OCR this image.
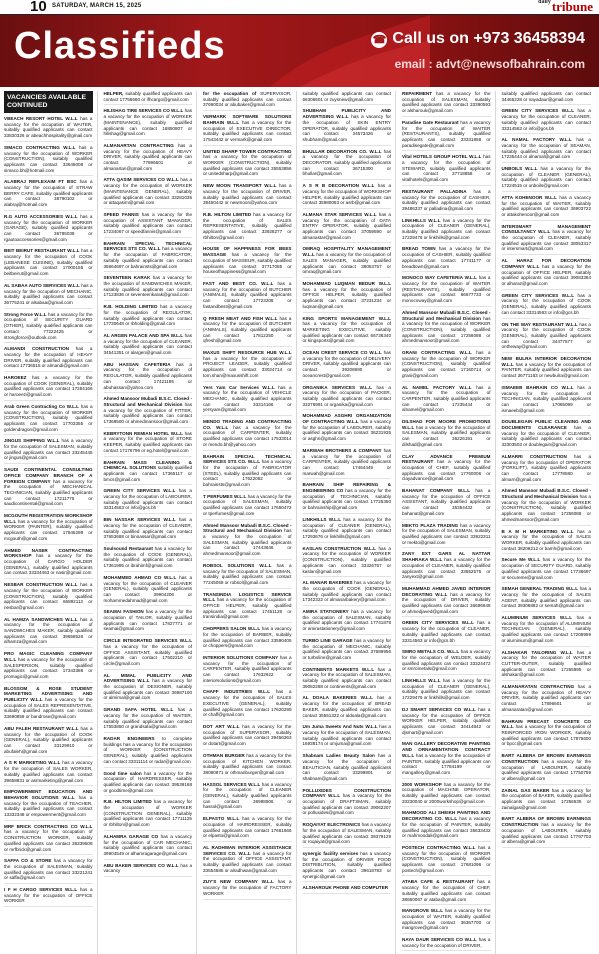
10 SATURDAY, MARCH 15, 2025
$^{daily}$tribune
Classifieds	☎ Call us on +973 36458394
email : advt@newsofbahrain.com
VACANCIES AVAILABLE CONTINUED

VBEACH RESORT HOTEL W.L.L has a vacancy for the occupation of WAITER, suitably qualified applicants can contact 33830326 or abeachhospitality@gmail.com

SIMACO CONTRACTING W.L.L has a vacancy for the occupation of WORKER (CONSTRUCTION), suitably qualified applicants can contact 33645008 or simaco.bh@hotmail.com

ALABRAJ REFLEXAIM FT BSC has a vacancy for the occupation of STRAW BERRY CAFE, suitably qualified applicants can contact 38790102 or alabraj@hotmail.com

R.G AUTO ACCESSORIES W.L.L has a vacancy for the occupation of WORKER (GARAGE), suitably qualified applicants can contact 36785039 or rgautoaccessories@gmail.com

BEIT BEIRUT RESTAURANT W.L.L has a vacancy for the occupation of COOK (LEBANESE CUISINE), suitably qualified applicants can contact 17000155 or beitbeirut@gmail.com

AL SABAA AUTO SERVICES W.L.L has a vacancy for the occupation of MECHANIC, suitably qualified applicants can contact 36775241 or alsabaa@gmail.com

Strong Force W.L.L has a vacancy for the occupation of SECURITY GUARD (OTHER), suitably qualified applicants can contact 77222425 or strongforce@outlook.com

ALMANDI CONSTRUCTION has a vacancy for the occupation of HEAVY DRIVER, suitably qualified applicants can contact 17736515 or almandi@gmail.com

HAROEEZ has a vacancy for the occupation of COOK (GENERAL), suitably qualified applicants can contact 17254166 or haroeez@gmail.com

Arab Green Contracting Co W.L.L has a vacancy for the occupation of WORKER (CONSTRUCTION), suitably qualified applicants can contact 17703355 or goldendragon@gmail.com

JINGUS SHIPPING W.L.L has a vacancy for the occupation of SALESMAN, suitably qualified applicants can contact 33245445 or jingus@gmail.com

SAUDI CONTINENTAL CONSULTING OFFICE COMPANY BRANCH OF A FOREIGN COMPANY has a vacancy for the occupation of MECHANICAL TECHNICIAN, suitably qualified applicants can contact 17211775 or saudicontinental@gmail.com

MCGOUTH REGISTRATION WORKSHOP W.L.L has a vacancy for the occupation of WORKER (PAINTER), suitably qualified applicants can contact 17845299 or mcgouth@gmail.com

AHMED NASER CONTRACTING WORKSHOP has a vacancy for the occupation of CARGO HOLDER (GENERAL), suitably qualified applicants can contact 33334463 or nasir@gmail.com

NESBAR CONSTRUCTION W.L.L has a vacancy for the occupation of WORKER (CONSTRUCTION), suitably qualified applicants can contact 66892112 or nesbar@gmail.com

AL HAMZA SANDWICHES W.L.L has a vacancy for the occupation of SANDWICHES MAKER, suitably qualified applicants can contact 39658526 or alhamza@gmail.com

PRO MAGIC CLEANING COMPANY W.L.L has a vacancy for the occupation of SALESPERSON, suitably qualified applicants can contact 17343388 or promagic@gmail.com

BLOSSOM & ROSE STUDENT MARKETING ADVERTISING AND PUBLICITY W.L.L has a vacancy for the occupation of SALES REPRESENTATIVE, suitably qualified applicants can contact 33690858 or bandrose@gmail.com

ABU FALEH RESTAURANT W.L.L has a vacancy for the occupation of COOK (GENERAL), suitably qualified applicants can contact 33129910 or abufaleh@gmail.com

A S R MARKETING W.L.L has a vacancy for the occupation of SALES WORKER, suitably qualified applicants can contact 39658831 or asrmarketing@gmail.com

EMPOWERMENT EDUCATION AND BEHAVIOR SOLUTIONS W.L.L has a vacancy for the occupation of TEACHER, suitably qualified applicants can contact 13332348 or empowerment@gmail.com

MRF BRICK CONTRACTING CO W.L.L has a vacancy for the occupation of CONSTRUCTION WORKER, suitably qualified applicants can contact 36339508 or mrfbrick@gmail.com

SAFFA CO & STORE has a vacancy for the occupation of SALESMAN, suitably qualified applicants can contact 33221241 or saffa@gmail.com

I F H CARGO SERVICES W.L.L has a vacancy for the occupation of OFFICE WORKER

HELPER, suitably qualified applicants can contact 17756660 or ifhcargo@gmail.com

HILISHAG TIRE SERVICES CO W.L.L has a vacancy for the occupation of WORKER (MAINTENANCE), suitably qualified applicants can contact 16850807 or hilishag@gmail.com

ALMANARTAN CONTRACTING has a vacancy for the occupation of HEAVY DRIVER, suitably qualified applicants can contact 77896601 or almanartan@gmail.com

ATTA QASIM SERVICES CO W.L.L has a vacancy for the occupation of WORKER (MAINTENANCE GENERAL), suitably qualified applicants can contact 33281035 or attaqasim@gmail.com

SPEED FANNIS has a vacancy for the occupation of ASSISTANT MANAGER, suitably qualified applicants can contact 17234067 or speedfannis@gmail.com

BAHRAIN SPECIAL TECHNICAL SERVICES STS CO. W.L.L has a vacancy for the occupation of FABRICATOR, suitably qualified applicants can contact 35664697 or bahrainsts@gmail.com

SEVENTEEN KARAK has a vacancy for the occupation of SANDWICHES MAKER, suitably qualified applicants can contact 17123836 or seventeenkarak@gmail.com

R.B. HOLDING LIMITED has a vacancy for the occupation of REGULATOR, suitably qualified applicants can contact 17730648 or rbholding@gmail.com

AL ARGEN PALACE AND SPA W.L.L has a vacancy for the occupation of CLEANER, suitably qualified applicants can contact 34541351 or alargen@gmail.com

ABU HASSAN CAFETERIA has a vacancy for the occupation of REGULATOR, suitably qualified applicants can contact 17421195 or abuhassan@yahoo.com

Ahmed Mansoor Mubadi B.S.C. Closed - Structural and Mechanical Division has a vacancy for the occupation of FITTER, suitably qualified applicants can contact 17369500 or ahmedmansoor@gmail.com

KEBRYTONN REMIAN HOTEL W.L.L has a vacancy for the occupation of STORE KEEPER, suitably qualified applicants can contact 17176796 or eg.hotel@gmail.com

BAHRAIN MASS CLEANING & CHEMICAL SOLUTIONS suitably qualified applicants can contact 17365117 or bmcs@gmail.com

GREEN CITY SERVICES W.L.L has a vacancy for the occupation of LABOURER, suitably qualified applicants can contact 33314563 or info@gcs.bh

BIN NASSAR SERVICES W.L.L has a vacancy for the occupation of CLEANER, suitably qualified applicants can contact 37653688 or binnassar@gmail.com

Soulsound Restaurant has a vacancy for the occupation of COOK (GENERAL), suitably qualified applicants can contact 17361995 or ibrahimf@gmail.com

MOHAMMED AHMAD CO W.L.L has a vacancy for the occupation of CLEANER (GENERAL), suitably qualified applicants can contact 39904206 or mohammedahmad@gmail.com

SEAMAI FASHION has a vacancy for the occupation of TAILOR, suitably qualified applicants can contact 17827771 or seamai@gmail.com

CIRCLE INTEGRATED SERVICES W.L.L has a vacancy for the occupation of OFFICE ASSISTANT, suitably qualified applicants can contact 17502210 or circle@gmail.com

AL MIMAL PUBLICITY AND ADVERTISING W.L.L has a vacancy for the occupation of DESIGNER, suitably qualified applicants can contact 36987100 or almimal@gmail.com

GRAND SAFA HOTEL W.L.L has a vacancy for the occupation of WAITER, suitably qualified applicants can contact 17553850 or grandsafa@gmail.com

RADAR ENGINEERS to complete buildings has a vacancy for the occupation of WORKER (CONSTRUCTION GENERAL), suitably qualified applicants can contact 33311114 or radar@gmail.com

Good time salon has a vacancy for the occupation of HAIRDRESSER, suitably qualified applicants can contact 39539168 or goodtime@gmail.com

R.B. HILTON LIMITED has a vacancy for the occupation of WORKER (CONSTRUCTION GENERAL), suitably qualified applicants can contact 17711125 or rbhilton@gmail.com

ALHAMRA GARAGE CO has a vacancy for the occupation of CAR MECHANIC, suitably qualified applicants can contact 39904549 or alhamragarage@gmail.com

ABU BAKER SERVICES CO W.L.L has a vacancy

for the occupation of SUPERVISOR, suitably qualified applicants can contact 37690034 or abubaker@gmail.com

VERMARK SOFTWARE SOLUTIONS BAHRAIN W.L.L has a vacancy for the occupation of EXECUTIVE DIRECTOR, suitably qualified applicants can contact 17543442 or vermark@gmail.com

UNITED SHARP TOWER CONTRACTING has a vacancy for the occupation of WORKER (CONSTRUCTION), suitably qualified applicants can contact 35553856 or unitedsharp@gmail.com

NEW MOON TRANSPORT W.L.L has a vacancy for the occupation of DRIVER, suitably qualified applicants can contact 39450442 or newmoon@yahoo.com

R.B. HILTON LIMITED has a vacancy for the occupation of SALES REPRESENTATIVE, suitably qualified applicants can contact 33928277 or rbhilton@gmail.com

HOUSE OF HAPPINESS FOR BEES MASSAGE has a vacancy for the occupation of MASSEUR, suitably qualified applicants can contact 37717085 or houseofhappiness@gmail.com

FAST AND BEST CO. W.L.L has a vacancy for the occupation of BUTCHER (ANIMALS), suitably qualified applicants can contact 17723208 or fastandbest@gmail.com

Q FRESH MEAT AND FISH W.L.L has a vacancy for the occupation of BUTCHER (ANIMALS), suitably qualified applicants can contact 17812250 or qfresh@gmail.com

MAXUS SHIFT RESOURCE HUB W.L.L has a vacancy for the occupation of PROJECT LEADER, suitably qualified applicants can contact 33024714 or tom.shan@maxusshift.com

Yers Yam Car Services W.L.L has a vacancy for the occupation of VEHICLE MECHANIC, suitably qualified applicants can contact 33314166 or yersyam@gmail.com

MENDO TRADING AND CONTRACTING CO. W.L.L has a vacancy for the occupation of CARPENTER, suitably qualified applicants can contact 17533014 or mendo.bh@yahoo.com

BAHRAIN SPECIAL TECHNICAL SERVICES STS CO. W.L.L has a vacancy for the occupation of FABRICATOR (STEEL), suitably qualified applicants can contact 17622062 or bahrainsts@gmail.com

T PERFUMES W.L.L has a vacancy for the occupation of SALESMAN, suitably qualified applicants can contact 17650472 or tperfumes@gmail.com

Ahmed Mansoor Mubadi B.S.C. Closed - Structural and Mechanical Division has a vacancy for the occupation of SALESMAN, suitably qualified applicants can contact 17443646 or ahmedmansoor@gmail.com

ROBSOL SOLUTIONS W.L.L has a vacancy for the occupation of SALESMAN, suitably qualified applicants can contact 77245059 or robsol@gmail.com

TRANSINDIA LOGISTICS SERVICE W.L.L has a vacancy for the occupation of OFFICE HELPER, suitably qualified applicants can contact 17451128 or transindia@gmail.com

CHOPPERS SALON W.L.L has a vacancy for the occupation of BARBER, suitably qualified applicants can contact 33590405 or choppers@gmail.com

INTERIOR SOLUTIONS COMPANY has a vacancy for the occupation of CARPENTER, suitably qualified applicants can contact 17632622 or interiorsolutions@gmail.com

CHAFF INDUSTRIES W.L.L has a vacancy for the occupation of SALES EXECUTIVE (GENERAL), suitably qualified applicants can contact 17620299 or chaff@gmail.com

DOT ART W.L.L has a vacancy for the occupation of SUPERVISOR, suitably qualified applicants can contact 39456363 or dotart@gmail.com

OTHMAN BURGER has a vacancy for the occupation of KITCHEN WORKER, suitably qualified applicants can contact 38080871 or othmanburger@gmail.com

HASSOL SERVICES W.L.L has a vacancy for the occupation of CLEANER (GENERAL), suitably qualified applicants can contact 36988506 or hassol@gmail.com

ELPASTO W.L.L has a vacancy for the occupation of HAIRDRESSER, suitably qualified applicants can contact 17661666 or elpasto@gmail.com

AL RADHWAN INTERIOR ASSISTANCE SERVICES CO. W.L.L has a vacancy for the occupation of OFFICE ASSISTANT, suitably qualified applicants can contact 33554585 or alradhwan@gmail.com

ZUY'S NEW COMPANY W.L.L has a vacancy for the occupation of FACTORY WORKER

suitably qualified applicants can contact 66306601 or zuysnew@gmail.com

SHUBHAM PUBLICITY AND ADVERTISING W.L.L has a vacancy for the occupation of SKIN ENTRY OPERATOR, suitably qualified applicants can contact 34573426 or shubham@gmail.com

BHULLAR DECORATION CO. W.L.L has a vacancy for the occupation of DECORATOR, suitably qualified applicants can contact 36715300 or bhullar@gmail.com

A S R B DECORATION W.L.L has a vacancy for the occupation of WORKSHOP HELPER, suitably qualified applicants can contact 35980053 or asrb@gmail.com

ALMANA STAR SERVICES W.L.L has a vacancy for the occupation of DATA ENTRY OPERATOR, suitably qualified applicants can contact 37059590 or almanastar@gmail.com

OMRAQ HOSPITALITY MANAGEMENT W.L.L has a vacancy for the occupation of SALES MANAGER, suitably qualified applicants can contact 38053757 or omraq@gmail.com

MOHAMMAD LUQMAN BEDUR W.L.L has a vacancy for the occupation of OFFICE HELPER, suitably qualified applicants can contact 37231234 or luqman@gmail.com

KING SPORTS MANAGEMENT W.L.L has a vacancy for the occupation of MARKETING EXECUTIVE, suitably qualified applicants can contact 66736340 or kingsports@gmail.com

OCEAN CREST SERVICE CO W.L.L has a vacancy for the occupation of DELIVERY DRIVER, suitably qualified applicants can contact 39208690 or oceancrest@gmail.com

ORGANIKA SERVICES W.L.L has a vacancy for the occupation of PACKER, suitably qualified applicants can contact 33276991 or organika@gmail.com

MOHAMMAD ASGHRI ORGANIZATION OF CONTRACTING W.L.L has a vacancy for the occupation of LABOURER, suitably qualified applicants can contact 36231935 or asghri@gmail.com

MARWAH BROTHERS & COMPANY has a vacancy for the occupation of CARPENTER, suitably qualified applicants can contact 17464449 or marwah@gmail.com

BAHRAIN SHIP REPAIRING & ENGINEERING CO has a vacancy for the occupation of TECHNICIAN, suitably qualified applicants can contact 17725350 or bahrainship@gmail.com

LINKHILLS W.L.L has a vacancy for the occupation of CLEANER (GENERAL), suitably qualified applicants can contact 17293676 or linkhills@gmail.com

KASLAN CONSTRUCTION W.L.L has a vacancy for the occupation of WORKER (CONSTRUCTION), suitably qualified applicants can contact 33326767 or kaslan@gmail.com

AL MANAR BAKERIES has a vacancy for the occupation of COOK (GENERAL), suitably qualified applicants can contact 17342322 or almanarbakery@gmail.com

AMIRA STATIONERY has a vacancy for the occupation of SALESMAN, suitably qualified applicants can contact 17741878 or amirastationery@gmail.com

TURBO LINE GARAGE has a vacancy for the occupation of MECHANIC, suitably qualified applicants can contact 37689956 or turboline@gmail.com

CONTINENTS MARKETS W.L.L has a vacancy for the occupation of SALESMAN, suitably qualified applicants can contact 39082288 or continents@gmail.com

AL DOALA BAKERIES W.L.L has a vacancy for the occupation of BREAD BAKER, suitably qualified applicants can contact 35551322 or aldoala@gmail.com

Um Juma Sweets And Nuts W.L.L has a vacancy for the occupation of SALESMAN, suitably qualified applicants can contact 16938174 or umjuma@gmail.com

Shabnam Ladies Beauty Salon has a vacancy for the occupation of BEAUTICIAN, suitably qualified applicants can contact 33299801 or shabnam@gmail.com

POLLUXIDES CONSTRUCTION COMPANY W.L.L has a vacancy for the occupation of DRAFTSMAN, suitably qualified applicants can contact 39062207 or polluxides@gmail.com

ROQAIYAT ELECTRONICS has a vacancy for the occupation of SALESMAN, suitably qualified applicants can contact 39379129 or roqaiyat@gmail.com

synergic facility services has a vacancy for the occupation of DRIVER FOOD DISTRIBUTION, suitably qualified applicants can contact 39618783 or synergic@gmail.com

ALSHAROUK PHONE AND COMPUTER

REPAIRMENT has a vacancy for the occupation of SALESMAN, suitably qualified applicants can contact 33390593 or alsharouk@gmail.com

Paradise Gate Restaurant has a vacancy for the occupation of WAITER (RESTAURANTS), suitably qualified applicants can contact 33331858 or paradisegate@gmail.com

Vital HOTELS GROUP HOTEL W.L.L has a vacancy for the occupation of STEWARD, suitably qualified applicants can contact 37718858 or vitalhotels@gmail.com

RESTAURANT PALLADINA has a vacancy for the occupation of CASHIER, suitably qualified applicants can contact 39486337 or palladina@gmail.com

LINKHILLS W.L.L has a vacancy for the occupation of CLEANER (GENERAL), suitably qualified applicants can contact 17229476 or linkhills@gmail.com

BREAD TOWN has a vacancy for the occupation of CASHIER, suitably qualified applicants can contact 17741177 or breadtown@gmail.com

MONOCO WAY CAFETERIA W.L.L has a vacancy for the occupation of WAITER (RESTAURANTS), suitably qualified applicants can contact 66677733 or monocoway@gmail.com

Ahmed Mansoor Mubadi B.S.C. Closed - Structural and Mechanical Division has a vacancy for the occupation of WORKER (CONSTRUCTION), suitably qualified applicants can contact 17256088 or ahmedmansoor@gmail.com

GRANI CONTRACTING W.L.L has a vacancy for the occupation of WORKER (CONSTRUCTION), suitably qualified applicants can contact 17160714 or grani@gmail.com

AL NAMEL FACTORY W.L.L has a vacancy for the occupation of CARPENTER, suitably qualified applicants can contact 17235444 or alnamel@gmail.com

DILSHAD FOR MOORE PROMOTIONS W.L.L has a vacancy for the occupation of SALESMAN, suitably qualified applicants can contact 36226191 or dilshad@gmail.com

CLAY ADVANCE PREMIUM RESTAURANT has a vacancy for the occupation of CHEF, suitably qualified applicants can contact 17760006 or clayadvance@gmail.com

BAHANAT COMPANY W.L.L has a vacancy for the occupation of OFFICE ASSISTANT, suitably qualified applicants can contact 35354432 or bahanat@gmail.com

MEKTO PLAZA TRADING has a vacancy for the occupation of SALESMAN, suitably qualified applicants can contact 33922311 or mekto@gmail.com

ZANY EXT GARS AL NATTAR SHAHRAKA W.L.L has a vacancy for the occupation of CLEANER, suitably qualified applicants can contact 33552575 or zanyext@gmail.com

MUHAMMAD AHMED JAVED INTERIOR DECORATING W.L.L has a vacancy for the occupation of DRIVER, suitably qualified applicants can contact 36696648 or ahmedjaved@gmail.com

GREEN CITY SERVICES W.L.L has a vacancy for the occupation of CLEANER, suitably qualified applicants can contact 33314563 or info@gcs.bh

SMRO METALS CO. W.L.L has a vacancy for the occupation of WELDER, suitably qualified applicants can contact 33324472 or smrometals@gmail.com

LINKHILLS W.L.L has a vacancy for the occupation of CLEANER (GENERAL), suitably qualified applicants can contact 17229476 or linkhills@gmail.com

DJ SMART SERVICES CO W.L.L has a vacancy for the occupation of OFFICE WORKER HELPER, suitably qualified applicants can contact 34414842 or djsmart@gmail.com

MAN GALLERY DECORATIVE PAINTING AND ORNAMENTATION CONTRACT W.L.L has a vacancy for the occupation of PAINTER, suitably qualified applicants can contact 17784199 or mangallery@gmail.com

2000 WORKSHOP has a vacancy for the occupation of MACHINE OPERATOR, suitably qualified applicants can contact 33230040 or 2000workshop@gmail.com

MAHMOOD ALI SHEIKH PAINTING AND DECORATING CO. W.L.L has a vacancy for the occupation of PAINTER, suitably qualified applicants can contact 36633432 or mahmoodali@gmail.com

POSTECH CONTRACTING W.L.L has a vacancy for the occupation of WORKER (CONSTRUCTION), suitably qualified applicants can contact 17681096 or postech@gmail.com

ATABA CAFE & RESTAURANT has a vacancy for the occupation of CHEF, suitably qualified applicants can contact 38660067 or ataba@gmail.com

MANGROVE W.L.L has a vacancy for the occupation of WAITER, suitably qualified applicants can contact 36367700 or mangrove@gmail.com

NAYA DAUR SERVICES CO W.L.L has a vacancy for the occupation of DRIVER,

suitably qualified applicants can contact 34465228 or nayadaur@gmail.com

GREEN CITY SERVICES W.L.L has a vacancy for the occupation of CLEANER, suitably qualified applicants can contact 33314563 or info@gcs.bh

AL NAMAL FACTORY W.L.L has a vacancy for the occupation of SEAMAN, suitably qualified applicants can contact 17235444 or alnamal@gmail.com

UNBOILS W.L.L has a vacancy for the occupation of CLEANER (GENERAL), suitably qualified applicants can contact 17224515 or unboils@gmail.com

ATTA KOHENOOR W.L.L has a vacancy for the occupation of WAITER, suitably qualified applicants can contact 36903722 or attakohenoor@gmail.com

INTERSMART MANAGEMENT CONSULTANCY W.L.L has a vacancy for the occupation of CLEANER, suitably qualified applicants can contact 38053317 or intersmart@gmail.com

AL HARAZ FOR DECORATION COMPANY W.L.L has a vacancy for the occupation of OFFICE HELPER, suitably qualified applicants can contact 39083384 or alharaz@gmail.com

GREEN CITY SERVICES W.L.L has a vacancy for the occupation of COOK (GENERAL), suitably qualified applicants can contact 33314563 or info@gcs.bh

ON THE WAY RESTAURANT W.L.L has a vacancy for the occupation of COOK (GENERAL), suitably qualified applicants can contact 34477577 or ontheway@gmail.com

NEW BULRA INTERIOR DECORATION W.L.L has a vacancy for the occupation of PAINTER, suitably qualified applicants can contact 36771163 or newbulra@gmail.com

ISMAEEB BAHRAIN CO W.L.L has a vacancy for the occupation of TECHNICIAN, suitably qualified applicants can contact 17065099 or ismaeeb@gmail.com

DOUBLEGAIN PUBLIC CLEANING AND DOCUMENTS CLEARANCE has a vacancy for the occupation of CLEANER, suitably qualified applicants can contact 33303503 or doublegain@gmail.com

ALMARRI CONSTRUCTION has a vacancy for the occupation of OPERATOR (FORKLIFT), suitably qualified applicants can contact 17778580 or almarri@gmail.com

Ahmed Mansoor Mubadi B.S.C. Closed - Structural and Mechanical Division has a vacancy for the occupation of WORKER (CONSTRUCTION), suitably qualified applicants can contact 17256088 or ahmedmansoor@gmail.com

B A M H MARKETING W.L.L has a vacancy for the occupation of SALES WORKER, suitably qualified applicants can contact 38206212 or bamh@gmail.com

Secure Me W.L.L has a vacancy for the occupation of SECURITY GUARD, suitably qualified applicants can contact 17736697 or secureme@gmail.com

SEMAH GENERAL TRADING W.L.L has a vacancy for the occupation of SALES AGENT, suitably qualified applicants can contact 39306882 or semah@gmail.com

ALUMINIUM SERVICES W.L.L has a vacancy for the occupation of ALUMINIUM TECHNICIAN (GENERAL), suitably qualified applicants can contact 17209959 or aluminium@gmail.com

ALSHAKAR TAILORING W.L.L has a vacancy for the occupation of WAITER CUTTER-OUTER, suitably qualified applicants can contact 17265995 or alshakar@gmail.com

ALMANARATAN CONTRACTING has a vacancy for the occupation of HEAVY DRIVER, suitably qualified applicants can contact 17896601 or almanaratan@gmail.com

BAHRAIN PRECAST CONCRETE CO W.L.L has a vacancy for the occupation of REINFORCED IRON WORKER, suitably qualified applicants can contact 17875600 or bpcc@gmail.com

BART ALBERA OF BROWN EARNINGS CONSTRUCTION has a vacancy for the occupation of LABOURER, suitably qualified applicants can contact 17750759 or albera@gmail.com

ZAINAL GAS BAKER has a vacancy for the occupation of BAKER, suitably qualified applicants can contact 17256535 or zainalgas@gmail.com

BART ALBERA OF BROWN EARNINGS CONSTRUCTION has a vacancy for the occupation of LABOURER, suitably qualified applicants can contact 17797703 or albera@gmail.com
